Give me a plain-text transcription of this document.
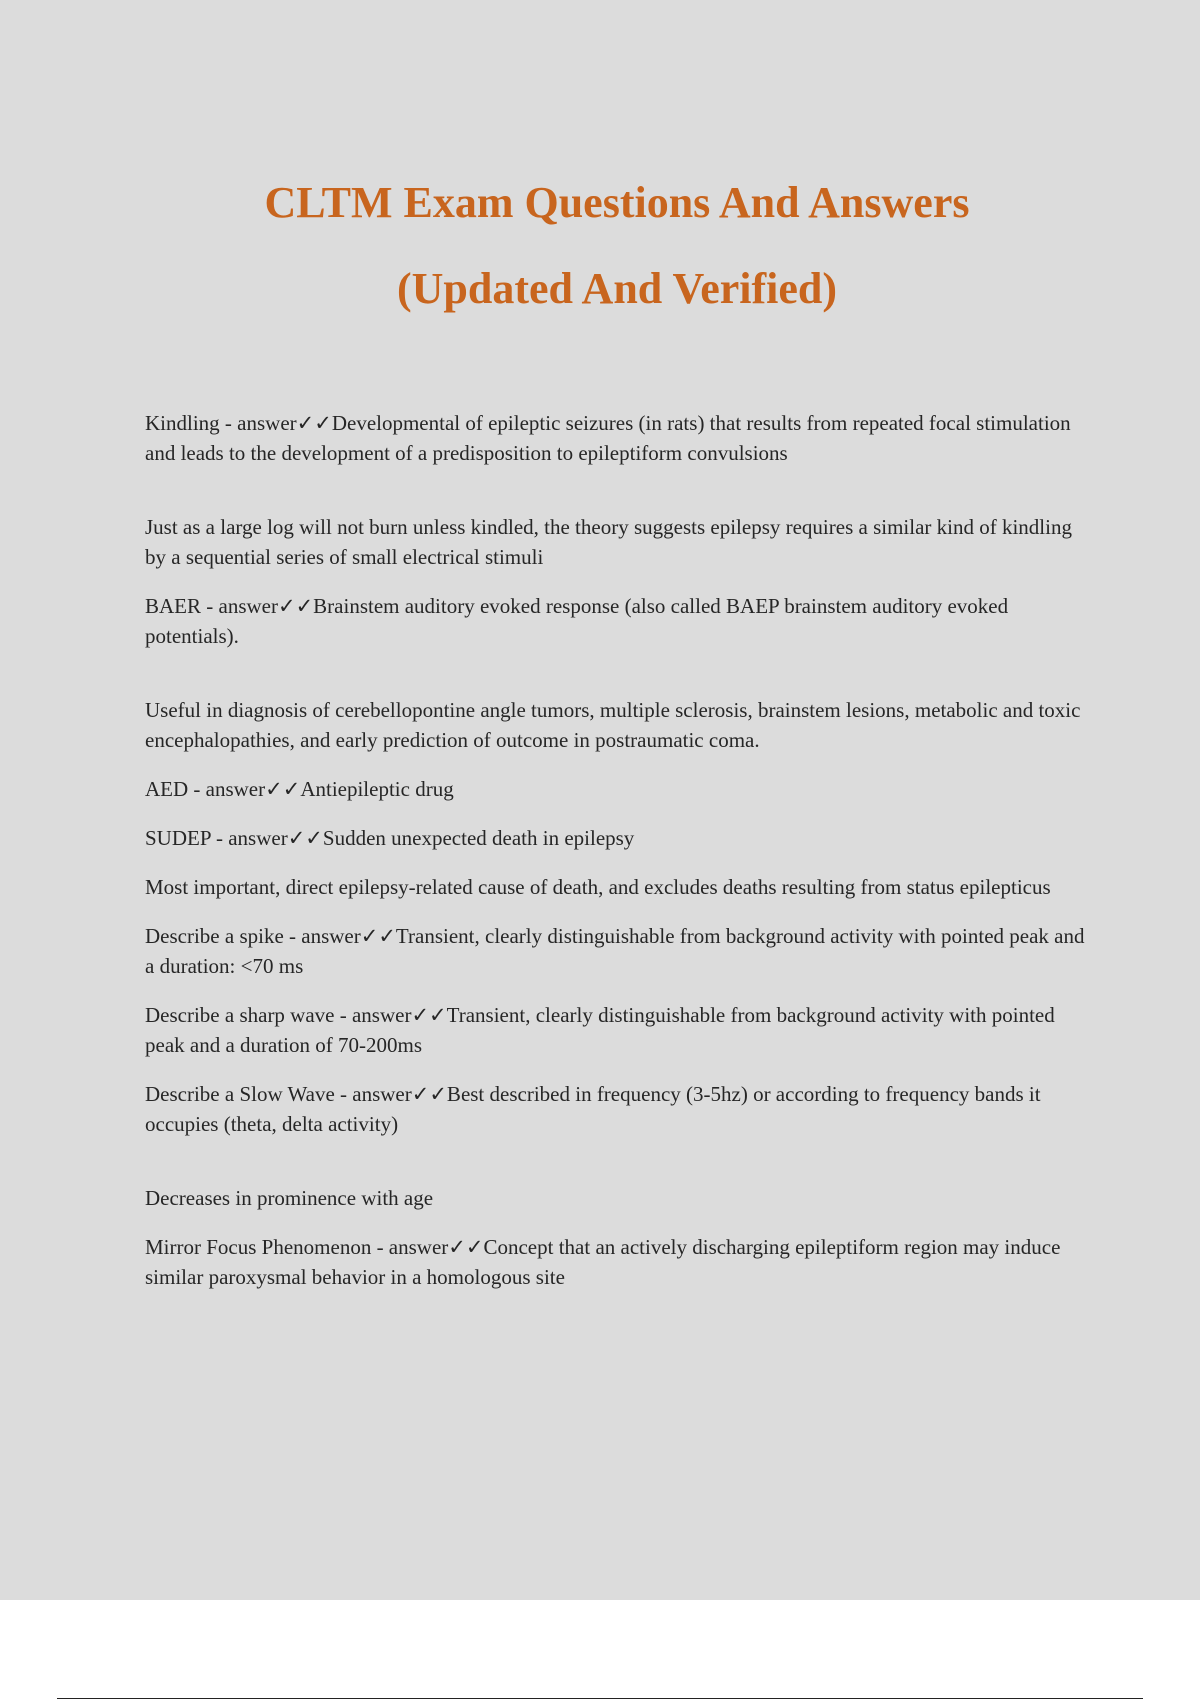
CLTM Exam Questions And Answers
(Updated And Verified)

Kindling - answer✓✓Developmental of epileptic seizures (in rats) that results from repeated focal stimulation and leads to the development of a predisposition to epileptiform convulsions

Just as a large log will not burn unless kindled, the theory suggests epilepsy requires a similar kind of kindling by a sequential series of small electrical stimuli

BAER - answer✓✓Brainstem auditory evoked response (also called BAEP brainstem auditory evoked potentials).

Useful in diagnosis of cerebellopontine angle tumors, multiple sclerosis, brainstem lesions, metabolic and toxic encephalopathies, and early prediction of outcome in postraumatic coma.

AED - answer✓✓Antiepileptic drug

SUDEP - answer✓✓Sudden unexpected death in epilepsy

Most important, direct epilepsy-related cause of death, and excludes deaths resulting from status epilepticus

Describe a spike - answer✓✓Transient, clearly distinguishable from background activity with pointed peak and a duration: <70 ms

Describe a sharp wave - answer✓✓Transient, clearly distinguishable from background activity with pointed peak and a duration of 70-200ms

Describe a Slow Wave - answer✓✓Best described in frequency (3-5hz) or according to frequency bands it occupies (theta, delta activity)

Decreases in prominence with age

Mirror Focus Phenomenon - answer✓✓Concept that an actively discharging epileptiform region may induce similar paroxysmal behavior in a homologous site
